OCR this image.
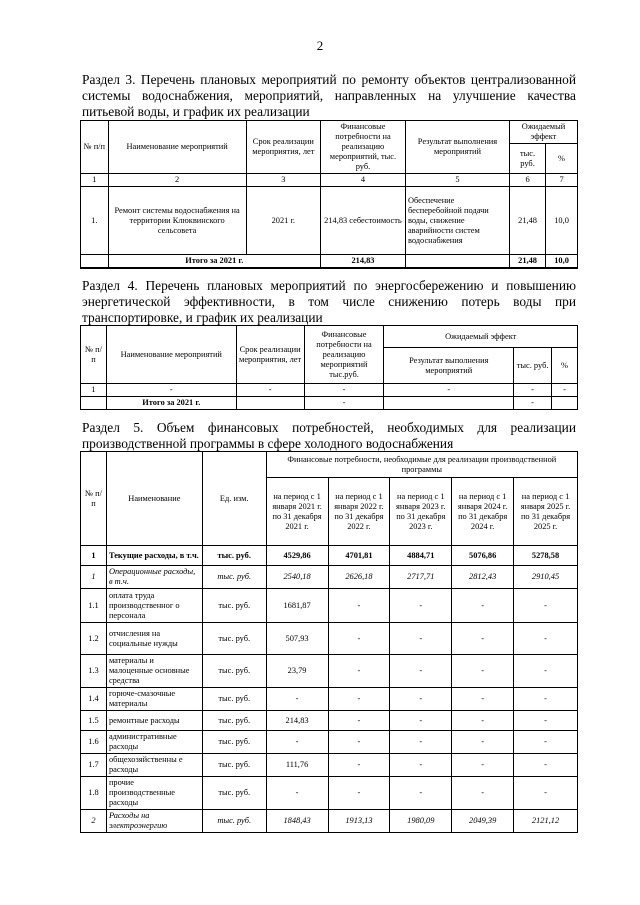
2
Раздел 3. Перечень плановых мероприятий по ремонту объектов централизованной системы водоснабжения, мероприятий, направленных на улучшение качества питьевой воды, и график их реализации
№ п/п	Наименование мероприятий	Срок реализации мероприятия, лет	Финансовые потребности на реализацию мероприятий, тыс. руб.	Результат выполнения мероприятий	Ожидаемый эффект	
					тыс. руб.	%
1	2	3	4	5	6	7
1.	Ремонт системы водоснабжения на территории Клюквинского сельсовета	2021 г.	214,83 себестоимость	Обеспечение бесперебойной подачи воды, снижение аварийности систем водоснабжения	21,48	10,0
	Итого за 2021 г.		214,83		21,48	10,0
Раздел 4. Перечень плановых мероприятий по энергосбережению и повышению энергетической эффективности, в том числе снижению потерь воды при транспортировке, и график их реализации
№ п/п	Наименование мероприятий	Срок реализации мероприятия, лет	Финансовые потребности на реализацию мероприятий тыс.руб.	Ожидаемый эффект		
				Результат выполнения мероприятий	тыс. руб.	%
1	-	-	-	-	-	-
	Итого за 2021 г.		-		-	
Раздел 5. Объем финансовых потребностей, необходимых для реализации производственной программы в сфере холодного водоснабжения
№ п/п	Наименование	Ед. изм.	Финансовые потребности, необходимые для реализации производственной программы				
			на период с 1 января 2021 г. по 31 декабря 2021 г.	на период с 1 января 2022 г. по 31 декабря 2022 г.	на период с 1 января 2023 г. по 31 декабря 2023 г.	на период с 1 января 2024 г. по 31 декабря 2024 г.	на период с 1 января 2025 г. по 31 декабря 2025 г.
1	Текущие расходы, в т.ч.	тыс. руб.	4529,86	4701,81	4884,71	5076,86	5278,58
1	Операционные расходы, в т.ч.	тыс. руб.	2540,18	2626,18	2717,71	2812,43	2910,45
1.1	оплата труда производственног о персонала	тыс. руб.	1681,87	-	-	-	-
1.2	отчисления на социальные нужды	тыс. руб.	507,93	-	-	-	-
1.3	материалы и малоценные основные средства	тыс. руб.	23,79	-	-	-	-
1.4	горюче-смазочные материалы	тыс. руб.	-	-	-	-	-
1.5	ремонтные расходы	тыс. руб.	214,83	-	-	-	-
1.6	административные расходы	тыс. руб.	-	-	-	-	-
1.7	общехозяйственны е расходы	тыс. руб.	111,76	-	-	-	-
1.8	прочие производственные расходы	тыс. руб.	-	-	-	-	-
2	Расходы на электроэнергию	тыс. руб.	1848,43	1913,13	1980,09	2049,39	2121,12
